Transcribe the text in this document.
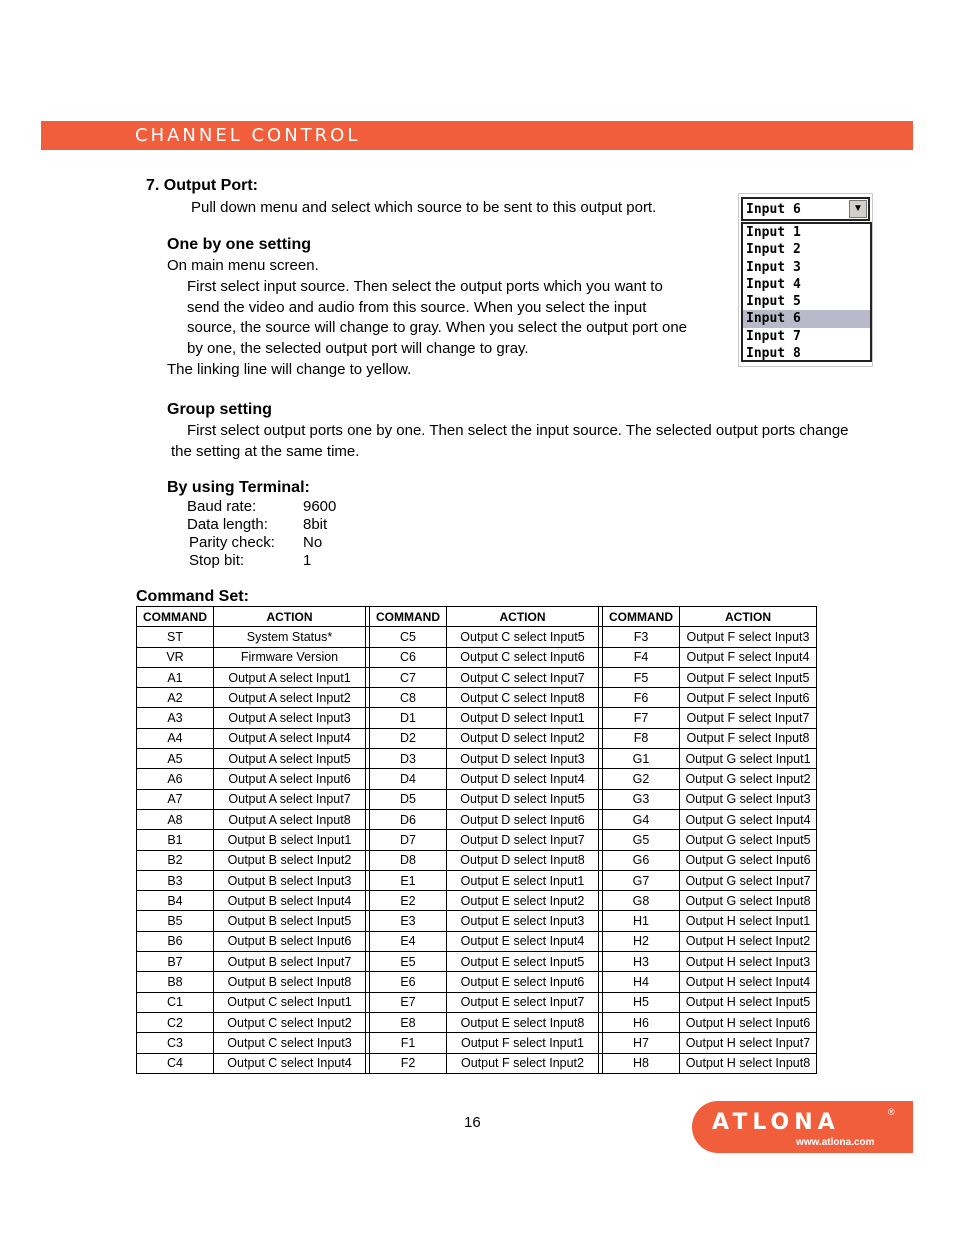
CHANNEL CONTROL
7. Output Port:
Pull down menu and select which source to be sent to this output port.
One by one setting
On main menu screen.
First select input source. Then select the output ports which you want to
send the video and audio from this source. When you select the input
source, the source will change to gray. When you select the output port one
by one, the selected output port will change to gray.
The linking line will change to yellow.
Group setting
First select output ports one by one. Then select the input source. The selected output ports change
the setting at the same time.
By using Terminal:
Baud rate:	9600
Data length: 8bit
Parity check: No
Stop bit:	1
Input 6	▼
Input 1
Input 2
Input 3
Input 4
Input 5
Input 6
Input 7
Input 8
Command Set:
COMMAND	ACTION		COMMAND	ACTION		COMMAND	ACTION
ST	System Status*		C5	Output C select Input5		F3	Output F select Input3
VR	Firmware Version		C6	Output C select Input6		F4	Output F select Input4
A1	Output A select Input1		C7	Output C select Input7		F5	Output F select Input5
A2	Output A select Input2		C8	Output C select Input8		F6	Output F select Input6
A3	Output A select Input3		D1	Output D select Input1		F7	Output F select Input7
A4	Output A select Input4		D2	Output D select Input2		F8	Output F select Input8
A5	Output A select Input5		D3	Output D select Input3		G1	Output G select Input1
A6	Output A select Input6		D4	Output D select Input4		G2	Output G select Input2
A7	Output A select Input7		D5	Output D select Input5		G3	Output G select Input3
A8	Output A select Input8		D6	Output D select Input6		G4	Output G select Input4
B1	Output B select Input1		D7	Output D select Input7		G5	Output G select Input5
B2	Output B select Input2		D8	Output D select Input8		G6	Output G select Input6
B3	Output B select Input3		E1	Output E select Input1		G7	Output G select Input7
B4	Output B select Input4		E2	Output E select Input2		G8	Output G select Input8
B5	Output B select Input5		E3	Output E select Input3		H1	Output H select Input1
B6	Output B select Input6		E4	Output E select Input4		H2	Output H select Input2
B7	Output B select Input7		E5	Output E select Input5		H3	Output H select Input3
B8	Output B select Input8		E6	Output E select Input6		H4	Output H select Input4
C1	Output C select Input1		E7	Output E select Input7		H5	Output H select Input5
C2	Output C select Input2		E8	Output E select Input8		H6	Output H select Input6
C3	Output C select Input3		F1	Output F select Input1		H7	Output H select Input7
C4	Output C select Input4		F2	Output F select Input2		H8	Output H select Input8
16	ATLONA	®
www.atlona.com
